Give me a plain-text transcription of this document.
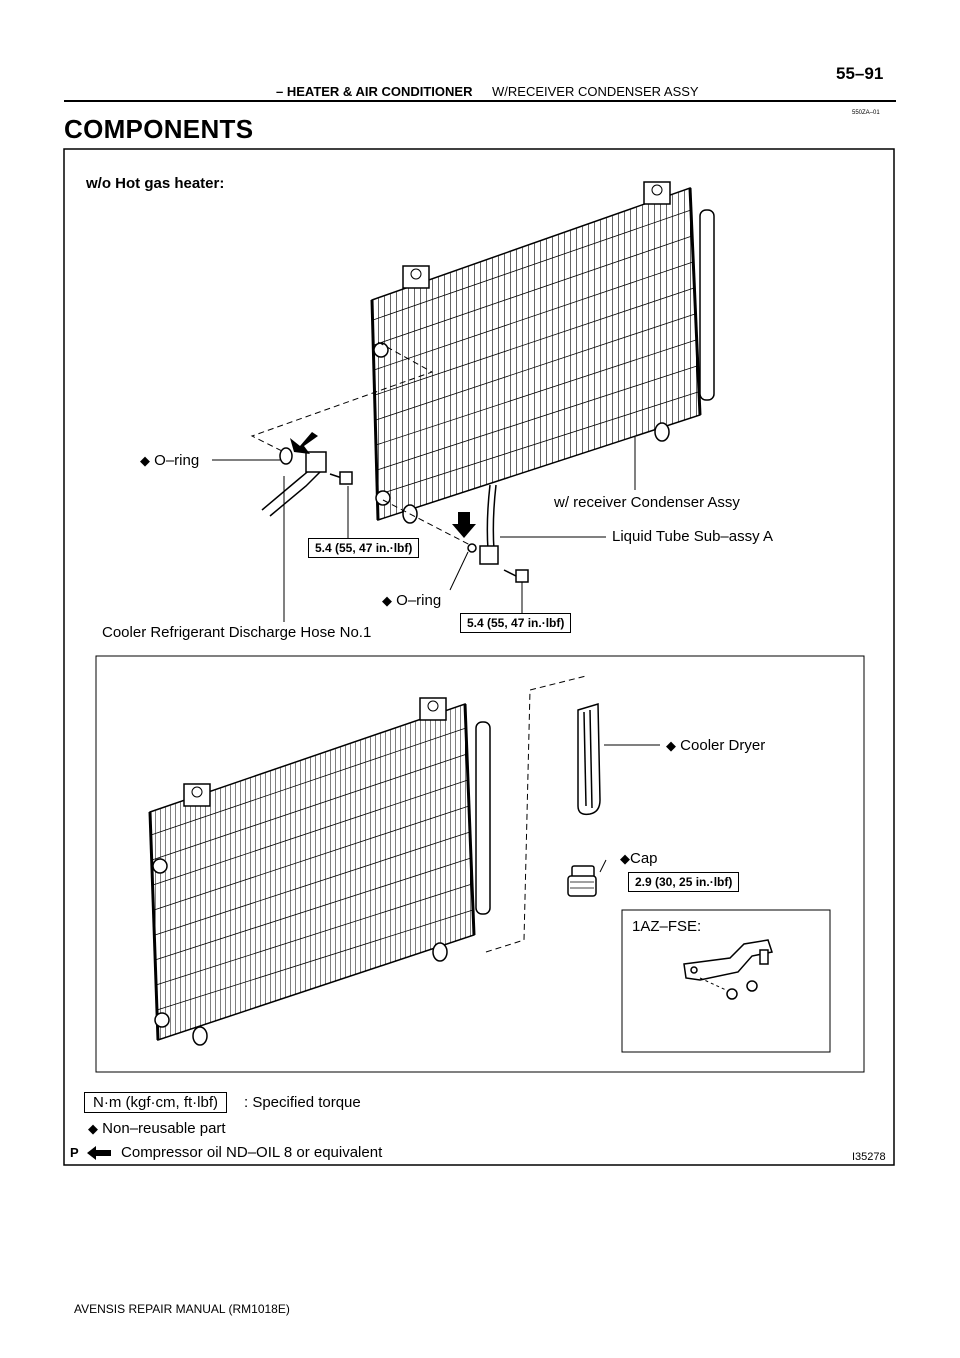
– HEATER & AIR CONDITIONER W/RECEIVER CONDENSER ASSY
55–91
550ZA–01
COMPONENTS
w/o Hot gas heater:
◆ O–ring
w/ receiver Condenser Assy
Liquid Tube Sub–assy A
5.4 (55, 47 in.·lbf)
◆ O–ring
5.4 (55, 47 in.·lbf)
Cooler Refrigerant Discharge Hose No.1
◆ Cooler Dryer
◆Cap
2.9 (30, 25 in.·lbf)
1AZ–FSE:
N·m (kgf·cm, ft·lbf)	: Specified torque
◆ Non–reusable part
P	Compressor oil ND–OIL 8 or equivalent	I35278
AVENSIS REPAIR MANUAL (RM1018E)
